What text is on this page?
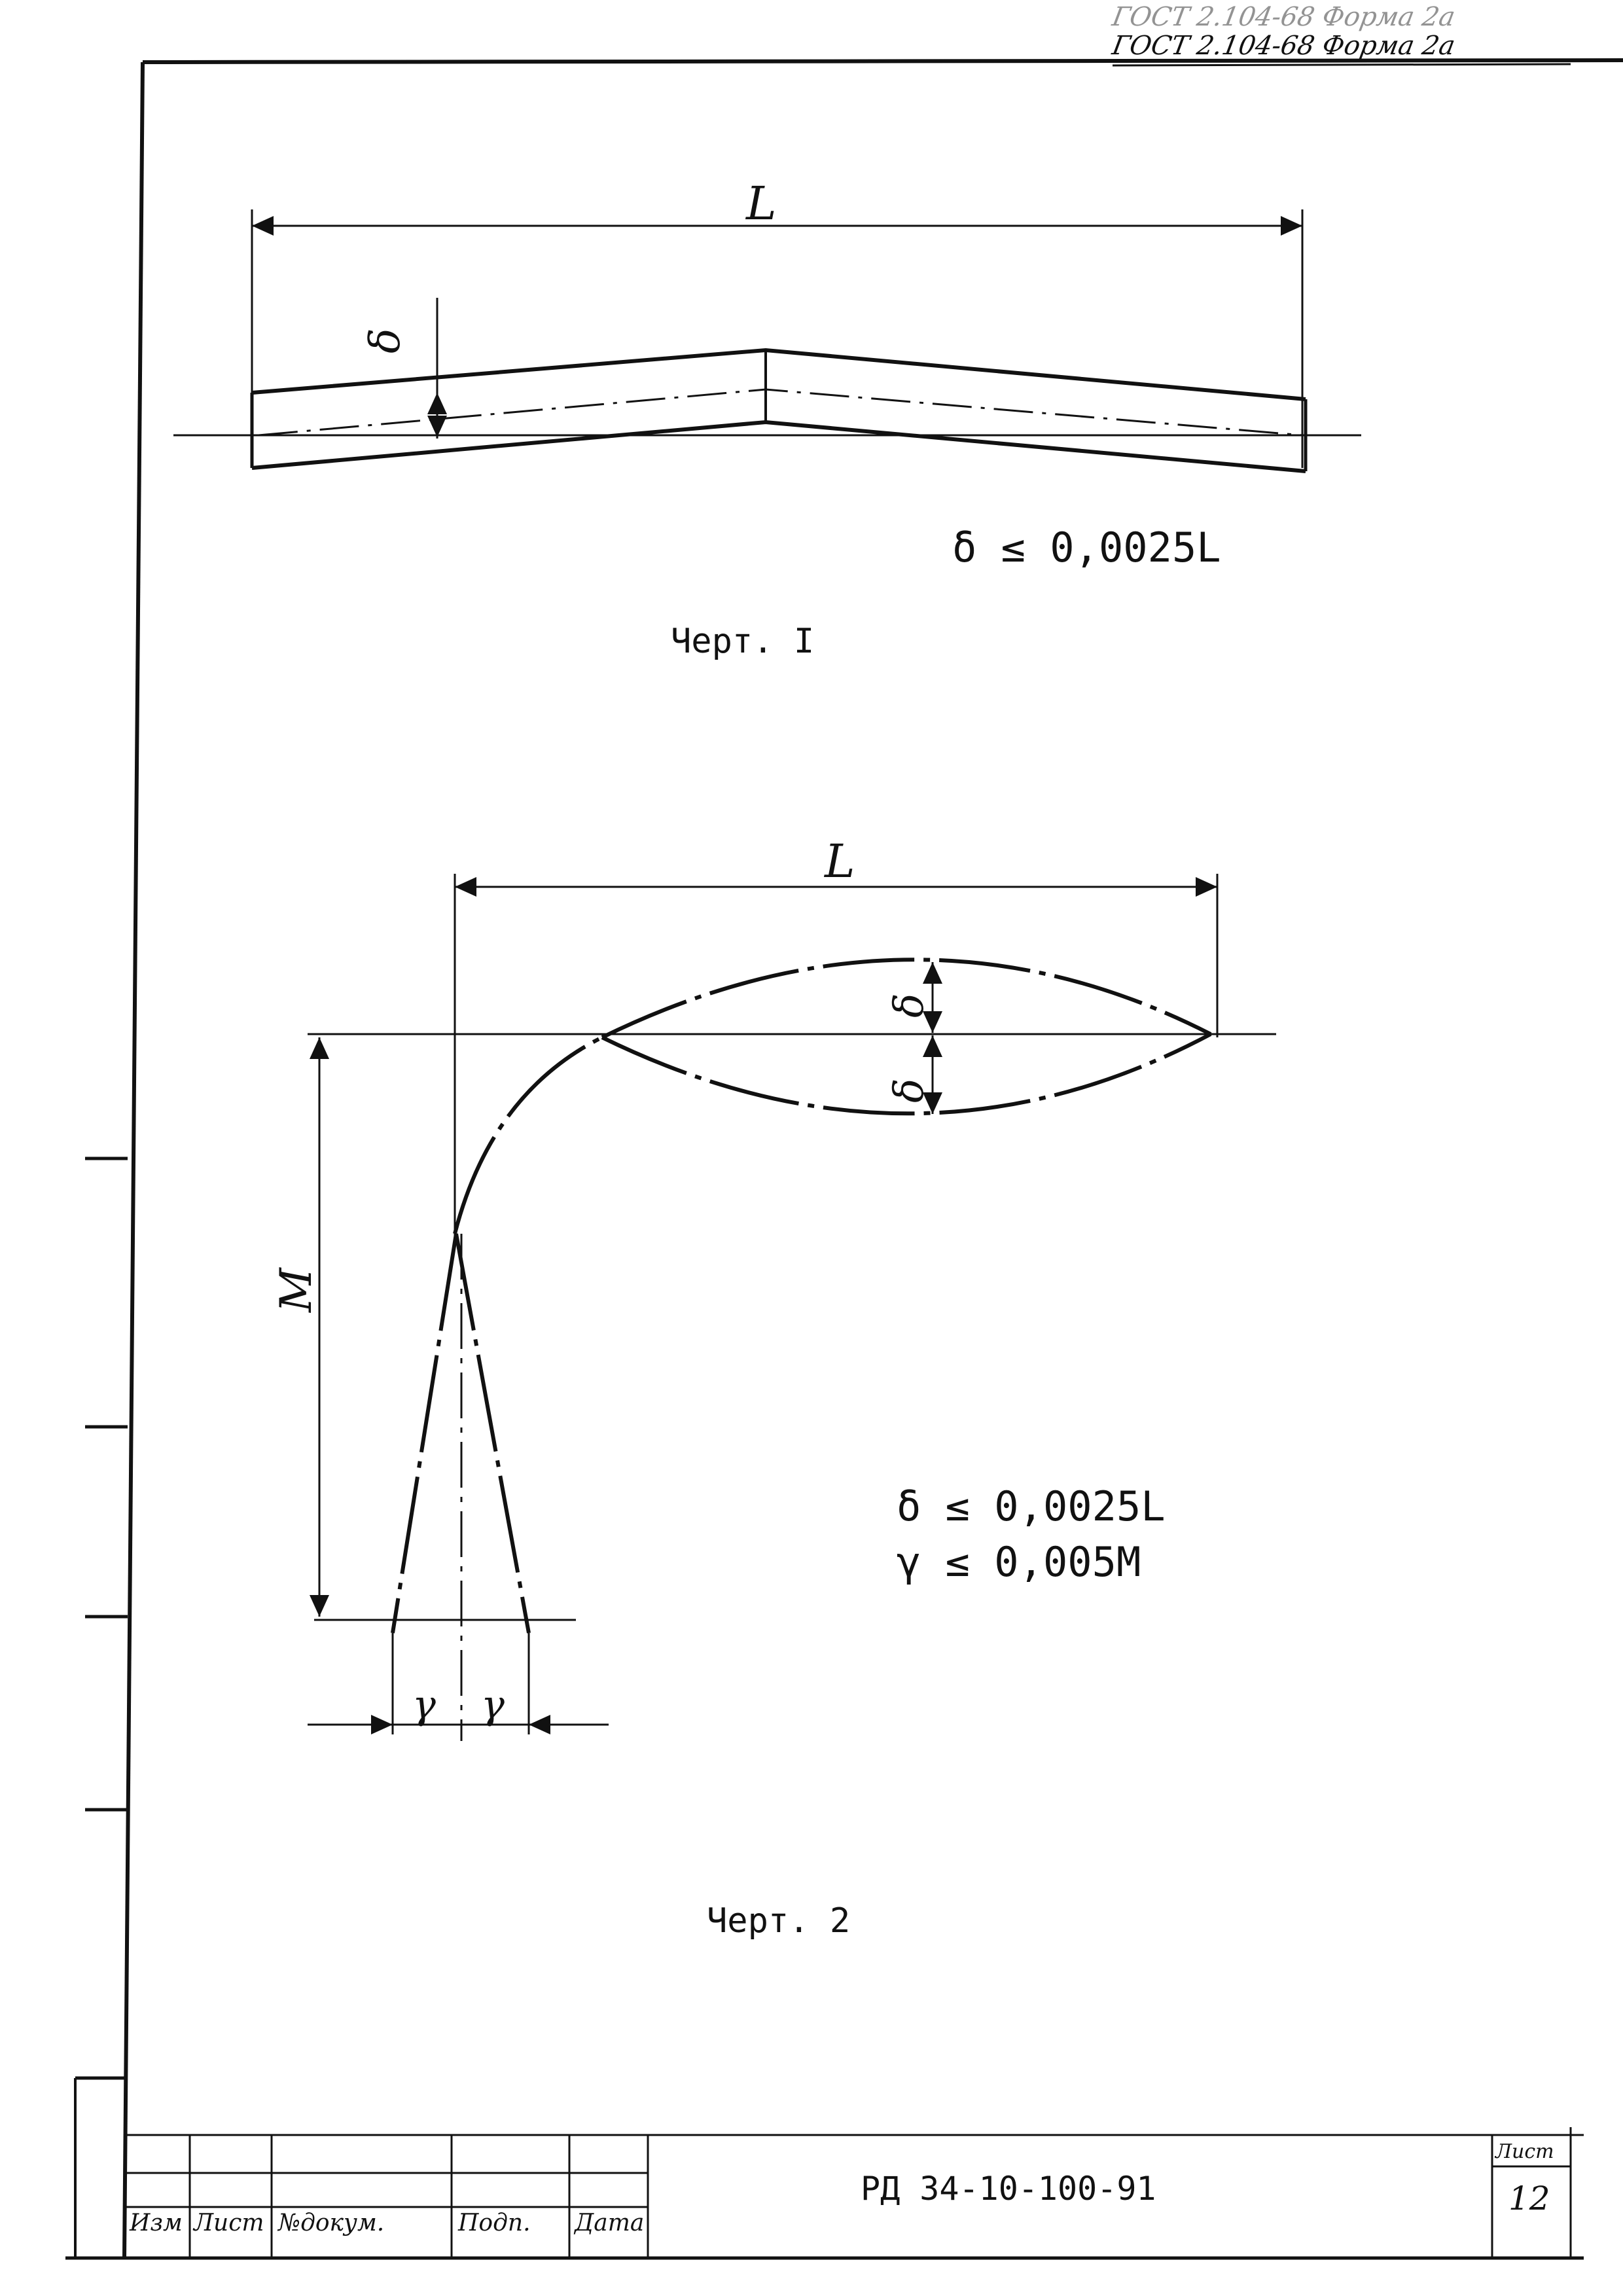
L
δ
L
δ
δ
M
γ γ
ГОСТ 2.104-68 Форма 2а
ГОСТ 2.104-68 Форма 2а
δ ≤ 0,0025L
Черт. I
δ ≤ 0,0025L
γ ≤ 0,005M
Черт. 2
Изм Лист №докум.	Подп. Дата
РД 34-10-100-91
Лист
12
